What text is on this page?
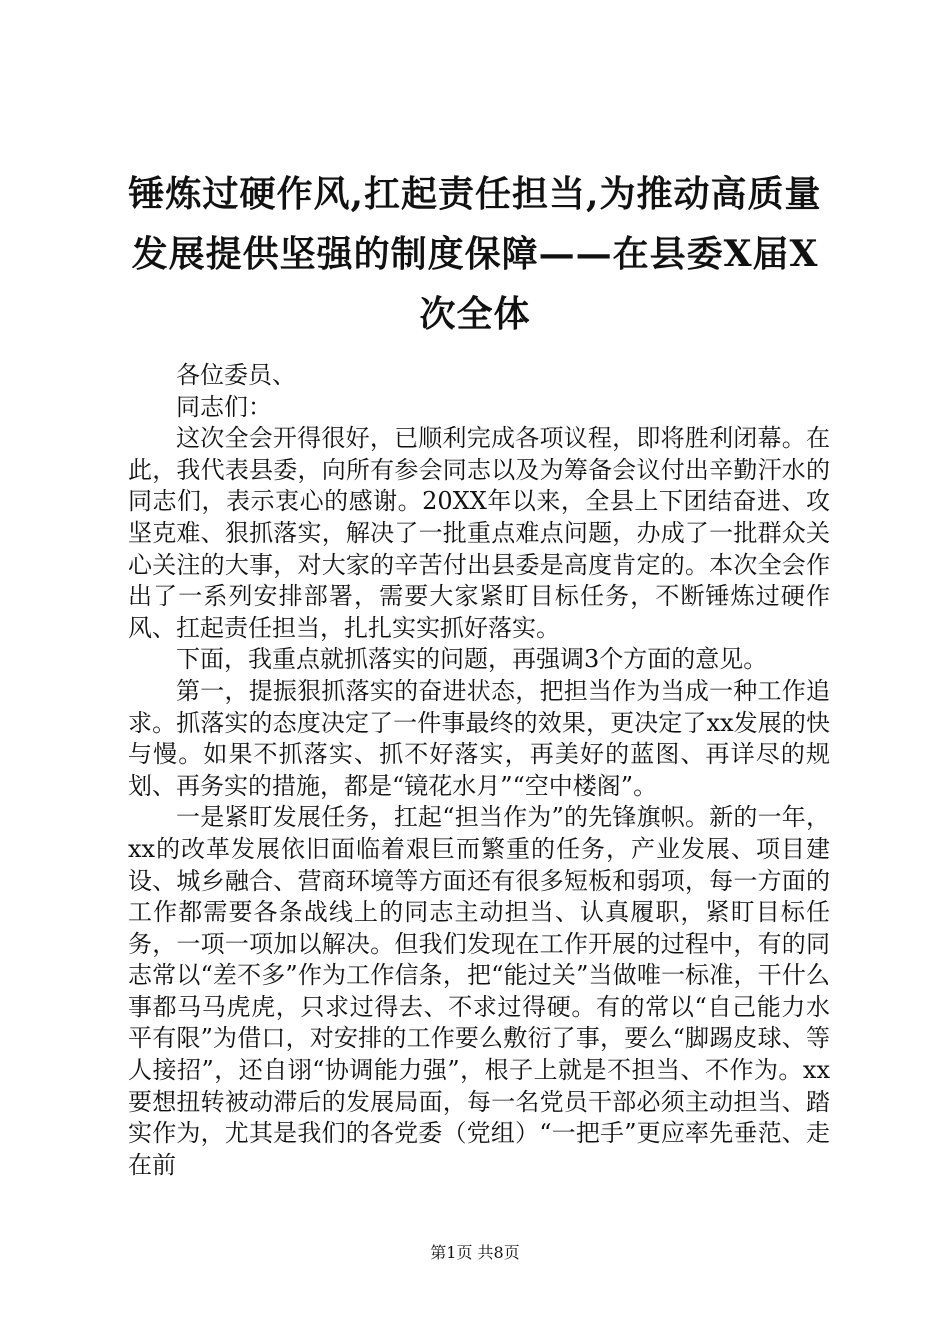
锤炼过硬作风,扛起责任担当,为推动高质量发展提供坚强的制度保障——在县委X届X次全体

各位委员、

同志们：

这次全会开得很好，已顺利完成各项议程，即将胜利闭幕。在此，我代表县委，向所有参会同志以及为筹备会议付出辛勤汗水的同志们，表示衷心的感谢。20XX年以来，全县上下团结奋进、攻坚克难、狠抓落实，解决了一批重点难点问题，办成了一批群众关心关注的大事，对大家的辛苦付出县委是高度肯定的。本次全会作出了一系列安排部署，需要大家紧盯目标任务，不断锤炼过硬作风、扛起责任担当，扎扎实实抓好落实。

下面，我重点就抓落实的问题，再强调3个方面的意见。

第一，提振狠抓落实的奋进状态，把担当作为当成一种工作追求。抓落实的态度决定了一件事最终的效果，更决定了xx发展的快与慢。如果不抓落实、抓不好落实，再美好的蓝图、再详尽的规划、再务实的措施，都是“镜花水月”“空中楼阁”。

一是紧盯发展任务，扛起“担当作为”的先锋旗帜。新的一年，xx的改革发展依旧面临着艰巨而繁重的任务，产业发展、项目建设、城乡融合、营商环境等方面还有很多短板和弱项，每一方面的工作都需要各条战线上的同志主动担当、认真履职，紧盯目标任务，一项一项加以解决。但我们发现在工作开展的过程中，有的同志常以“差不多”作为工作信条，把“能过关”当做唯一标准，干什么事都马马虎虎，只求过得去、不求过得硬。有的常以“自己能力水平有限”为借口，对安排的工作要么敷衍了事，要么“脚踢皮球、等人接招”，还自诩“协调能力强”，根子上就是不担当、不作为。xx要想扭转被动滞后的发展局面，每一名党员干部必须主动担当、踏实作为，尤其是我们的各党委（党组）“一把手”更应率先垂范、走在前

第1页 共8页
